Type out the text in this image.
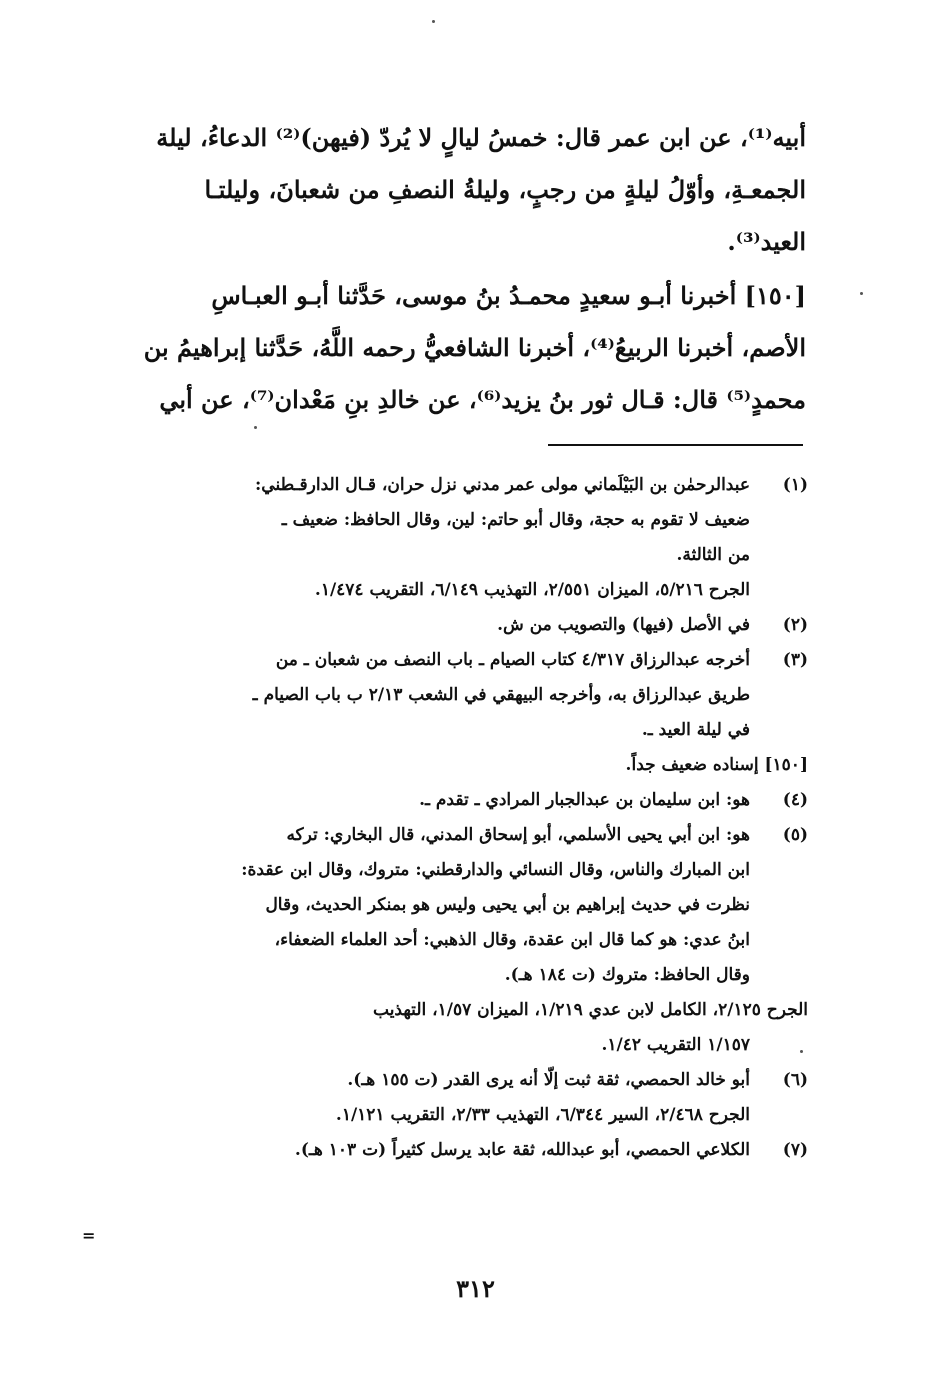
أبيه⁽¹⁾، عن ابن عمر قال: خمسُ ليالٍ لا يُردّ (فيهن)⁽²⁾ الدعاءُ، ليلة
الجمعـةِ، وأوّلُ ليلةٍ من رجبٍ، وليلةُ النصفِ من شعبانَ، وليلتـا
العيد⁽³⁾.
[١٥٠] أخبرنا أبـو سعيدٍ محمـدُ بنُ موسى، حَدَّثنا أبـو العبـاسِ
الأصم، أخبرنا الربيعُ⁽⁴⁾، أخبرنا الشافعيُّ رحمه اللَّهُ، حَدَّثنا إبراهيمُ بن
محمدٍ⁽⁵⁾ قال: قـال ثور بنُ يزيد⁽⁶⁾، عن خالدِ بنِ مَعْدان⁽⁷⁾، عن أبي
(١)
عبدالرحمٰن بن البَيْلَماني مولى عمر مدني نزل حران، قـال الدارقـطني:
ضعيف لا تقوم به حجة، وقال أبو حاتم: لين، وقال الحافظ: ضعيف ـ
من الثالثة.
الجرح ٥/٢١٦، الميزان ٢/٥٥١، التهذيب ٦/١٤٩، التقريب ١/٤٧٤.
(٢)
في الأصل (فيها) والتصويب من ش.
(٣)
أخرجه عبدالرزاق ٤/٣١٧ كتاب الصيام ـ باب النصف من شعبان ـ من
طريق عبدالرزاق به، وأخرجه البيهقي في الشعب ٢/١٣ ب باب الصيام ـ
في ليلة العيد ـ.
[١٥٠] إسناده ضعيف جداً.
(٤)
هو: ابن سليمان بن عبدالجبار المرادي ـ تقدم ـ.
(٥)
هو: ابن أبي يحيى الأسلمي، أبو إسحاق المدني، قال البخاري: تركه
ابن المبارك والناس، وقال النسائي والدارقطني: متروك، وقال ابن عقدة:
نظرت في حديث إبراهيم بن أبي يحيى وليس هو بمنكر الحديث، وقال
ابنُ عدي: هو كما قال ابن عقدة، وقال الذهبي: أحد العلماء الضعفاء،
وقال الحافظ: متروك (ت ١٨٤ هـ).
الجرح ٢/١٢٥، الكامل لابن عدي ١/٢١٩، الميزان ١/٥٧، التهذيب
١/١٥٧ التقريب ١/٤٢.
(٦)
أبو خالد الحمصي، ثقة ثبت إلّا أنه يرى القدر (ت ١٥٥ هـ).
الجرح ٢/٤٦٨، السير ٦/٣٤٤، التهذيب ٢/٣٣، التقريب ١/١٢١.
(٧)
الكلاعي الحمصي، أبو عبدالله، ثقة عابد يرسل كثيراً (ت ١٠٣ هـ).
=
٣١٢
